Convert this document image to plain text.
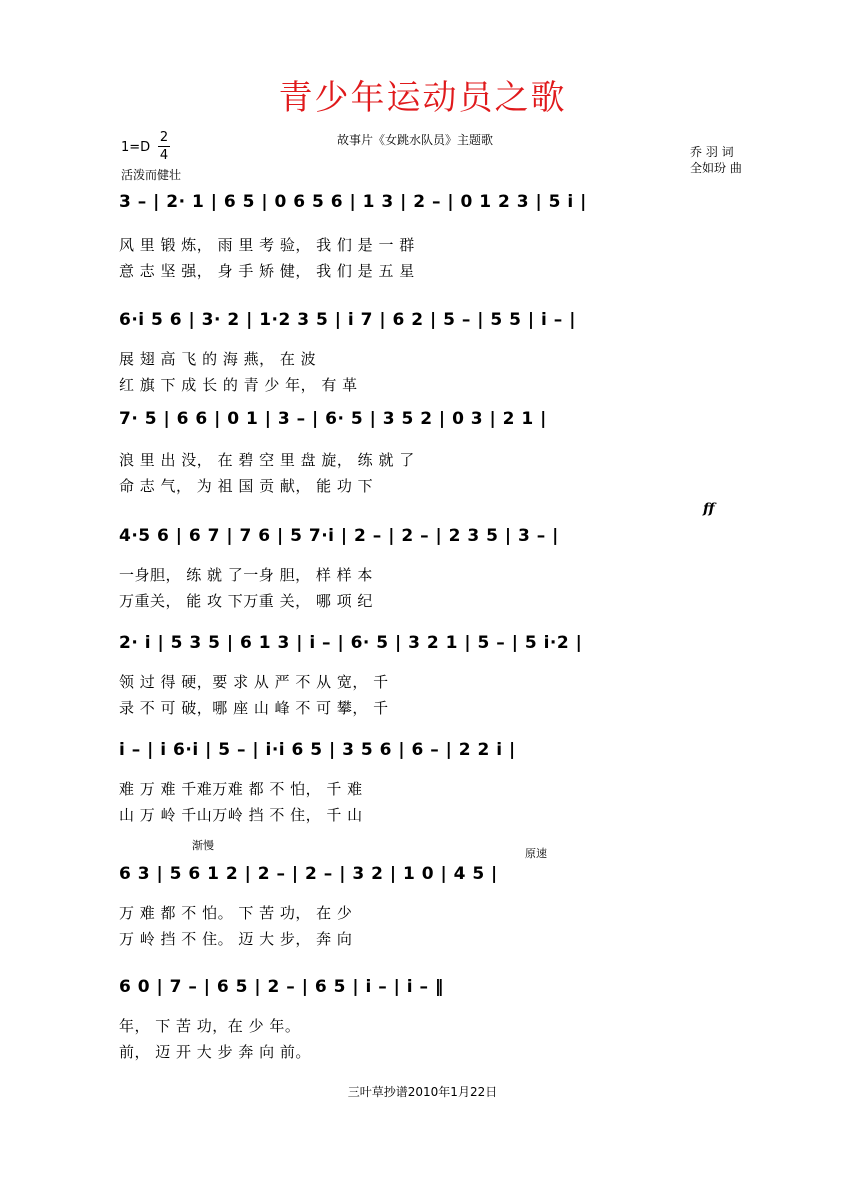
青少年运动员之歌
故事片《女跳水队员》主题歌
1=D
2
4
活泼而健壮
乔 羽 词
全如玢 曲
3 – | 2· 1 | 6 5 | 0 6 5 6 | 1 3 | 2 – | 0 1 2 3 | 5 i |
风 里 锻 炼， 雨 里 考 验， 我 们 是 一 群
意 志 坚 强， 身 手 矫 健， 我 们 是 五 星
6·i 5 6 | 3· 2 | 1·2 3 5 | i 7 | 6 2 | 5 – | 5 5 | i – |
展 翅 高 飞 的 海 燕， 在 波
红 旗 下 成 长 的 青 少 年， 有 革
7· 5 | 6 6 | 0 1 | 3 – | 6· 5 | 3 5 2 | 0 3 | 2 1 |
浪 里 出 没， 在 碧 空 里 盘 旋， 练 就 了
命 志 气， 为 祖 国 贡 献， 能 功 下
ff
4·5 6 | 6 7 | 7 6 | 5 7·i | 2 – | 2 – | 2 3 5 | 3 – |
一身胆， 练 就 了一身 胆， 样 样 本
万重关， 能 攻 下万重 关， 哪 项 纪
2· i | 5 3 5 | 6 1 3 | i – | 6· 5 | 3 2 1 | 5 – | 5 i·2 |
领 过 得 硬，要 求 从 严 不 从 宽， 千
录 不 可 破，哪 座 山 峰 不 可 攀， 千
i – | i 6·i | 5 – | i·i 6 5 | 3 5 6 | 6 – | 2 2 i |
难 万 难 千难万难 都 不 怕， 千 难
山 万 岭 千山万岭 挡 不 住， 千 山
渐慢
原速
6 3 | 5 6 1 2 | 2 – | 2 – | 3 2 | 1 0 | 4 5 |
万 难 都 不 怕。 下 苦 功， 在 少
万 岭 挡 不 住。 迈 大 步， 奔 向
6 0 | 7 – | 6 5 | 2 – | 6 5 | i – | i – ‖
年， 下 苦 功，在 少 年。
前， 迈 开 大 步 奔 向 前。
三叶草抄谱2010年1月22日
